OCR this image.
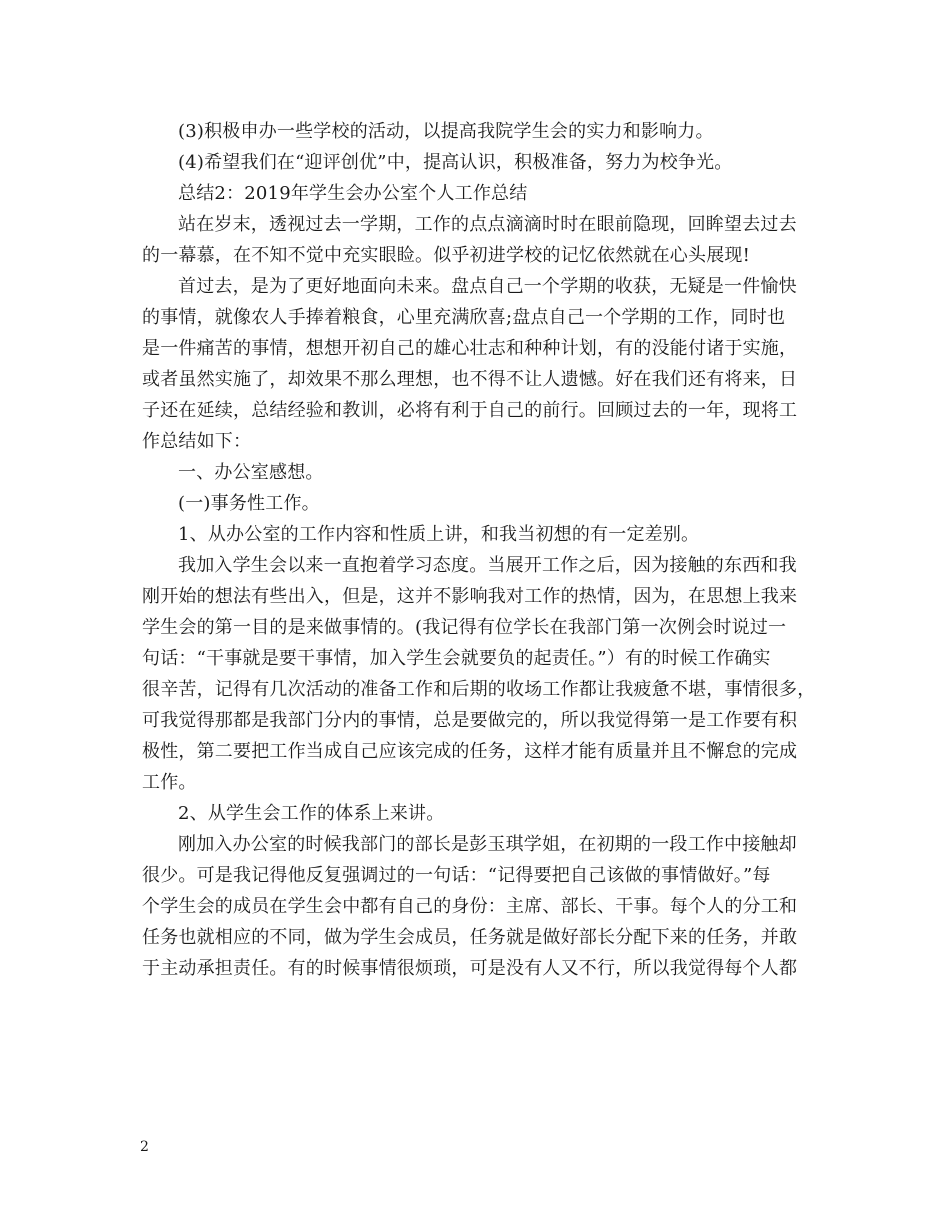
(3)积极申办一些学校的活动，以提高我院学生会的实力和影响力。
(4)希望我们在“迎评创优”中，提高认识，积极准备，努力为校争光。
总结2：2019年学生会办公室个人工作总结
站在岁末，透视过去一学期，工作的点点滴滴时时在眼前隐现，回眸望去过去
的一幕慕，在不知不觉中充实眼睑。似乎初进学校的记忆依然就在心头展现!
首过去，是为了更好地面向未来。盘点自己一个学期的收获，无疑是一件愉快
的事情，就像农人手捧着粮食，心里充满欣喜;盘点自己一个学期的工作，同时也
是一件痛苦的事情，想想开初自己的雄心壮志和种种计划，有的没能付诸于实施，
或者虽然实施了，却效果不那么理想，也不得不让人遗憾。好在我们还有将来，日
子还在延续，总结经验和教训，必将有利于自己的前行。回顾过去的一年，现将工
作总结如下：
一、办公室感想。
(一)事务性工作。
1、从办公室的工作内容和性质上讲，和我当初想的有一定差别。
我加入学生会以来一直抱着学习态度。当展开工作之后，因为接触的东西和我
刚开始的想法有些出入，但是，这并不影响我对工作的热情，因为，在思想上我来
学生会的第一目的是来做事情的。(我记得有位学长在我部门第一次例会时说过一
句话：“干事就是要干事情，加入学生会就要负的起责任。”）有的时候工作确实
很辛苦，记得有几次活动的准备工作和后期的收场工作都让我疲惫不堪，事情很多，
可我觉得那都是我部门分内的事情，总是要做完的，所以我觉得第一是工作要有积
极性，第二要把工作当成自己应该完成的任务，这样才能有质量并且不懈怠的完成
工作。
2、从学生会工作的体系上来讲。
刚加入办公室的时候我部门的部长是彭玉琪学姐，在初期的一段工作中接触却
很少。可是我记得他反复强调过的一句话：“记得要把自己该做的事情做好。”每
个学生会的成员在学生会中都有自己的身份：主席、部长、干事。每个人的分工和
任务也就相应的不同，做为学生会成员，任务就是做好部长分配下来的任务，并敢
于主动承担责任。有的时候事情很烦琐，可是没有人又不行，所以我觉得每个人都
2
